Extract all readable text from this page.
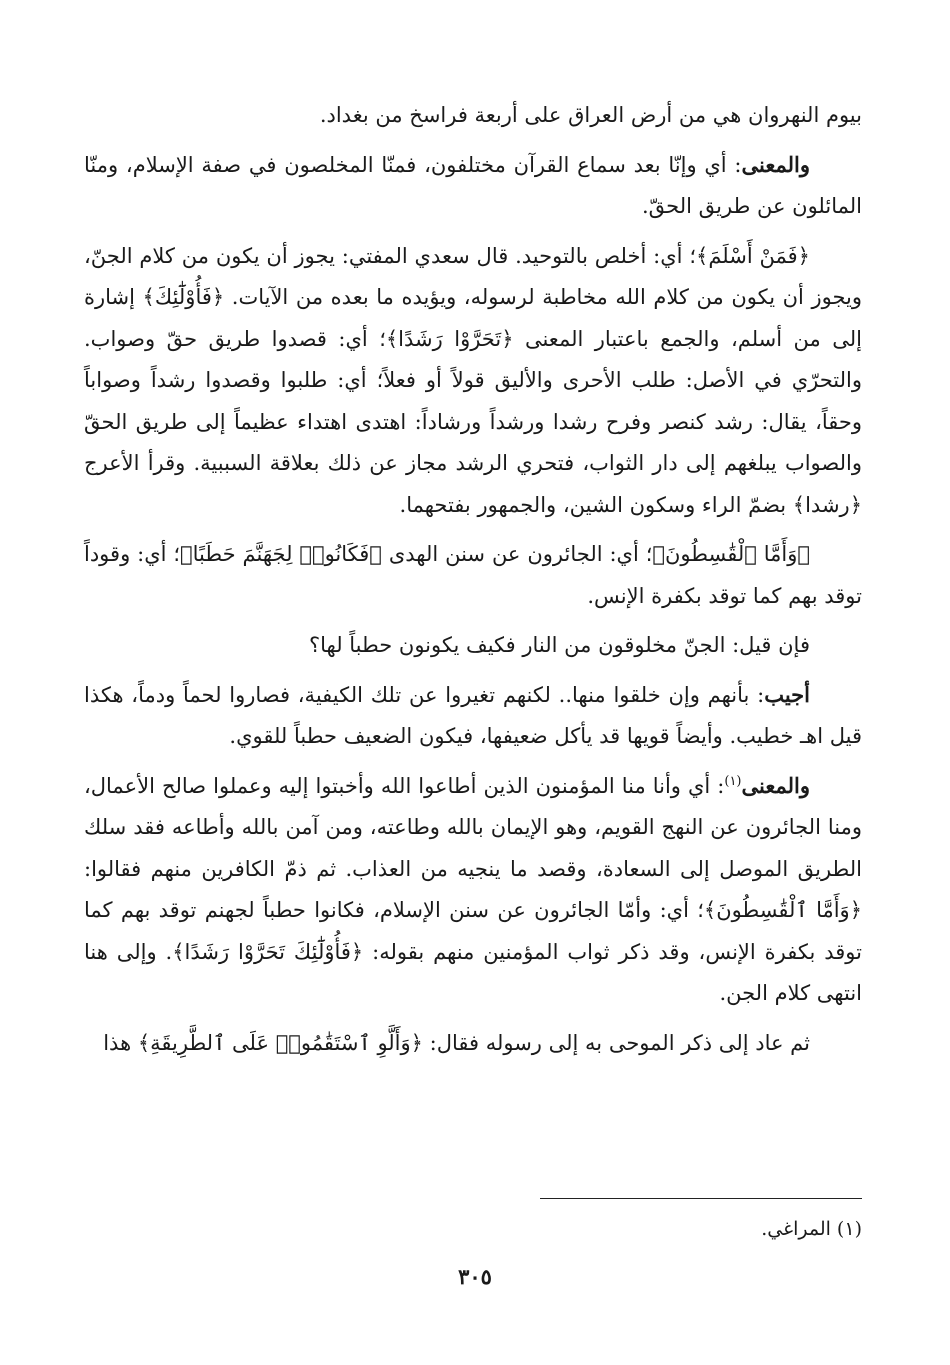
بيوم النهروان هي من أرض العراق على أربعة فراسخ من بغداد.

والمعنى: أي وإنّا بعد سماع القرآن مختلفون، فمنّا المخلصون في صفة الإسلام، ومنّا المائلون عن طريق الحقّ.

﴿فَمَنْ أَسْلَمَ﴾؛ أي: أخلص بالتوحيد. قال سعدي المفتي: يجوز أن يكون من كلام الجنّ، ويجوز أن يكون من كلام الله مخاطبة لرسوله، ويؤيده ما بعده من الآيات. ﴿فَأُوْلَٰٓئِكَ﴾ إشارة إلى من أسلم، والجمع باعتبار المعنى ﴿تَحَرَّوْا رَشَدًا﴾؛ أي: قصدوا طريق حقّ وصواب. والتحرّي في الأصل: طلب الأحرى والأليق قولاً أو فعلاً؛ أي: طلبوا وقصدوا رشداً وصواباً وحقاً، يقال: رشد كنصر وفرح رشدا ورشداً ورشاداً: اهتدى اهتداء عظيماً إلى طريق الحقّ والصواب يبلغهم إلى دار الثواب، فتحري الرشد مجاز عن ذلك بعلاقة السببية. وقرأ الأعرج ﴿رشدا﴾ بضمّ الراء وسكون الشين، والجمهور بفتحهما.

﴿وَأَمَّا ٱلْقَٰسِطُونَ﴾؛ أي: الجائرون عن سنن الهدى ﴿فَكَانُوا۟ لِجَهَنَّمَ حَطَبًا﴾؛ أي: وقوداً توقد بهم كما توقد بكفرة الإنس.

فإن قيل: الجنّ مخلوقون من النار فكيف يكونون حطباً لها؟

أجيب: بأنهم وإن خلقوا منها.. لكنهم تغيروا عن تلك الكيفية، فصاروا لحماً ودماً، هكذا قيل اهـ خطيب. وأيضاً قويها قد يأكل ضعيفها، فيكون الضعيف حطباً للقوي.

والمعنى$^{(١)}$: أي وأنا منا المؤمنون الذين أطاعوا الله وأخبتوا إليه وعملوا صالح الأعمال، ومنا الجائرون عن النهج القويم، وهو الإيمان بالله وطاعته، ومن آمن بالله وأطاعه فقد سلك الطريق الموصل إلى السعادة، وقصد ما ينجيه من العذاب. ثم ذمّ الكافرين منهم فقالوا: ﴿وَأَمَّا ٱلْقَٰسِطُونَ﴾؛ أي: وأمّا الجائرون عن سنن الإسلام، فكانوا حطباً لجهنم توقد بهم كما توقد بكفرة الإنس، وقد ذكر ثواب المؤمنين منهم بقوله: ﴿فَأُوْلَٰٓئِكَ تَحَرَّوْا رَشَدًا﴾. وإلى هنا انتهى كلام الجن.

ثم عاد إلى ذكر الموحى به إلى رسوله فقال: ﴿وَأَلَّوِ ٱسْتَقَٰمُوا۟ عَلَى ٱلطَّرِيقَةِ﴾ هذا

(١) المراغي.
٣٠٥
